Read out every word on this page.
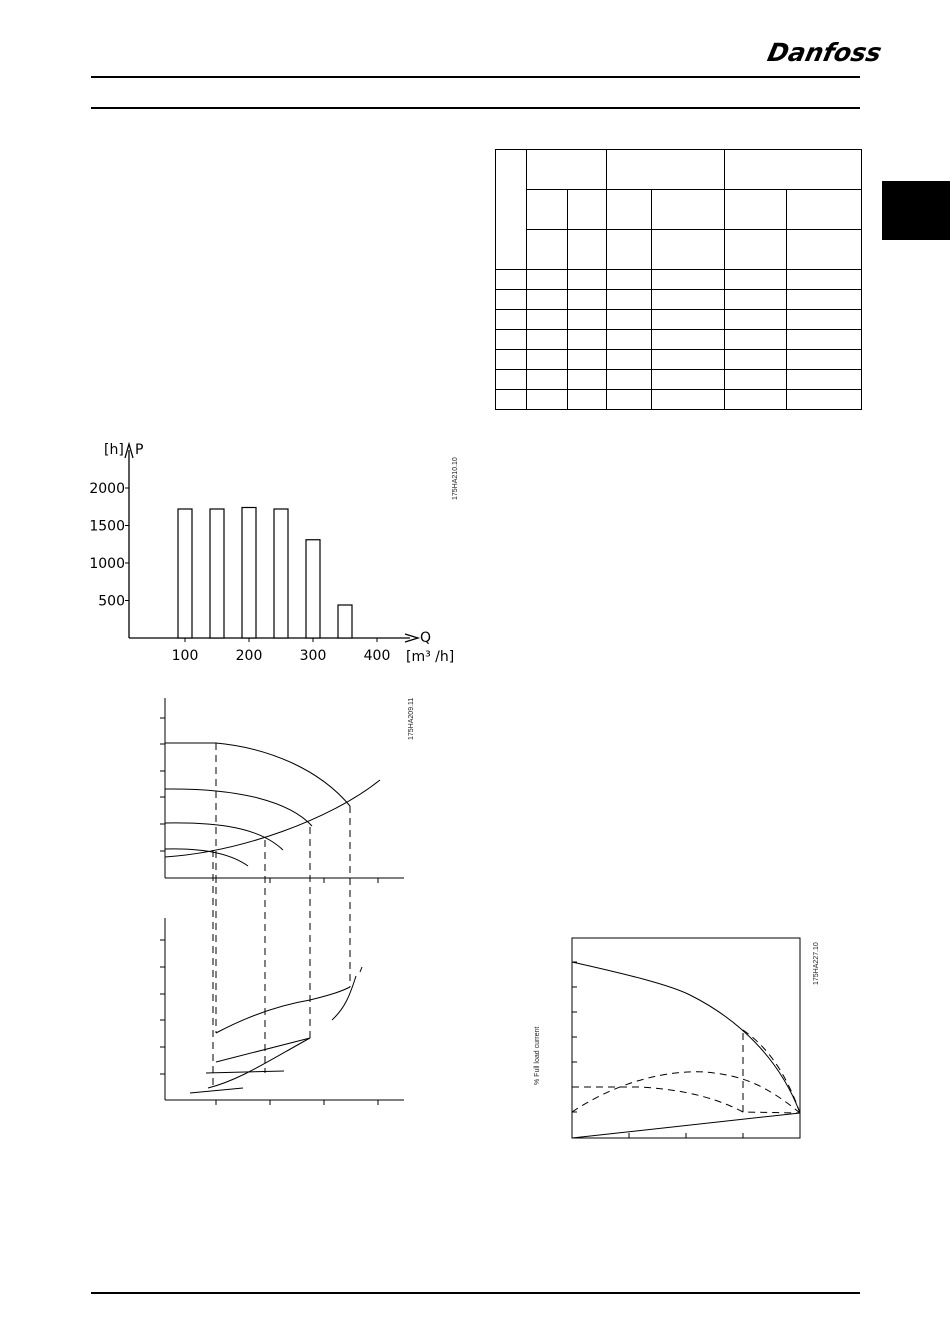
Danfoss

[h] P
Q
[m³ /h]
100	200	300	400
500
1000
1500
2000	175HA210.10
175HA209.11
% Full load current
175HA227.10
